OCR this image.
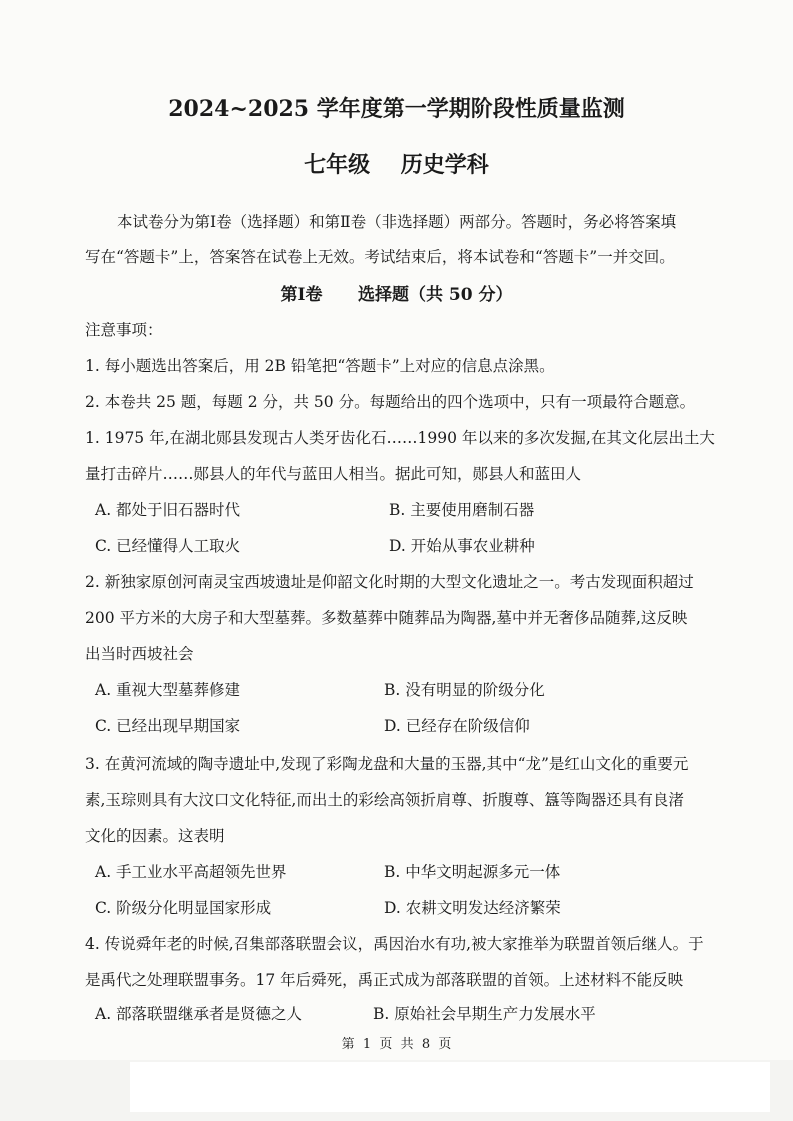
2024~2025 学年度第一学期阶段性质量监测
七年级    历史学科
本试卷分为第Ⅰ卷（选择题）和第Ⅱ卷（非选择题）两部分。答题时，务必将答案填
写在“答题卡”上，答案答在试卷上无效。考试结束后，将本试卷和“答题卡”一并交回。
第Ⅰ卷      选择题（共 50 分）
注意事项：
1. 每小题选出答案后，用 2B 铅笔把“答题卡”上对应的信息点涂黑。
2. 本卷共 25 题，每题 2 分，共 50 分。每题给出的四个选项中，只有一项最符合题意。
1. 1975 年,在湖北郧县发现古人类牙齿化石……1990 年以来的多次发掘,在其文化层出土大
量打击碎片……郧县人的年代与蓝田人相当。据此可知，郧县人和蓝田人
A. 都处于旧石器时代	B. 主要使用磨制石器
C. 已经懂得人工取火	D. 开始从事农业耕种
2. 新独家原创河南灵宝西坡遗址是仰韶文化时期的大型文化遗址之一。考古发现面积超过
200 平方米的大房子和大型墓葬。多数墓葬中随葬品为陶器,墓中并无奢侈品随葬,这反映
出当时西坡社会
A. 重视大型墓葬修建	B. 没有明显的阶级分化
C. 已经出现早期国家	D. 已经存在阶级信仰
3. 在黄河流域的陶寺遗址中,发现了彩陶龙盘和大量的玉器,其中“龙”是红山文化的重要元
素,玉琮则具有大汶口文化特征,而出土的彩绘高领折肩尊、折腹尊、簋等陶器还具有良渚
文化的因素。这表明
A. 手工业水平高超领先世界	B. 中华文明起源多元一体
C. 阶级分化明显国家形成	D. 农耕文明发达经济繁荣
4. 传说舜年老的时候,召集部落联盟会议，禹因治水有功,被大家推举为联盟首领后继人。于
是禹代之处理联盟事务。17 年后舜死，禹正式成为部落联盟的首领。上述材料不能反映
A. 部落联盟继承者是贤德之人	B. 原始社会早期生产力发展水平
第  1  页  共  8  页
